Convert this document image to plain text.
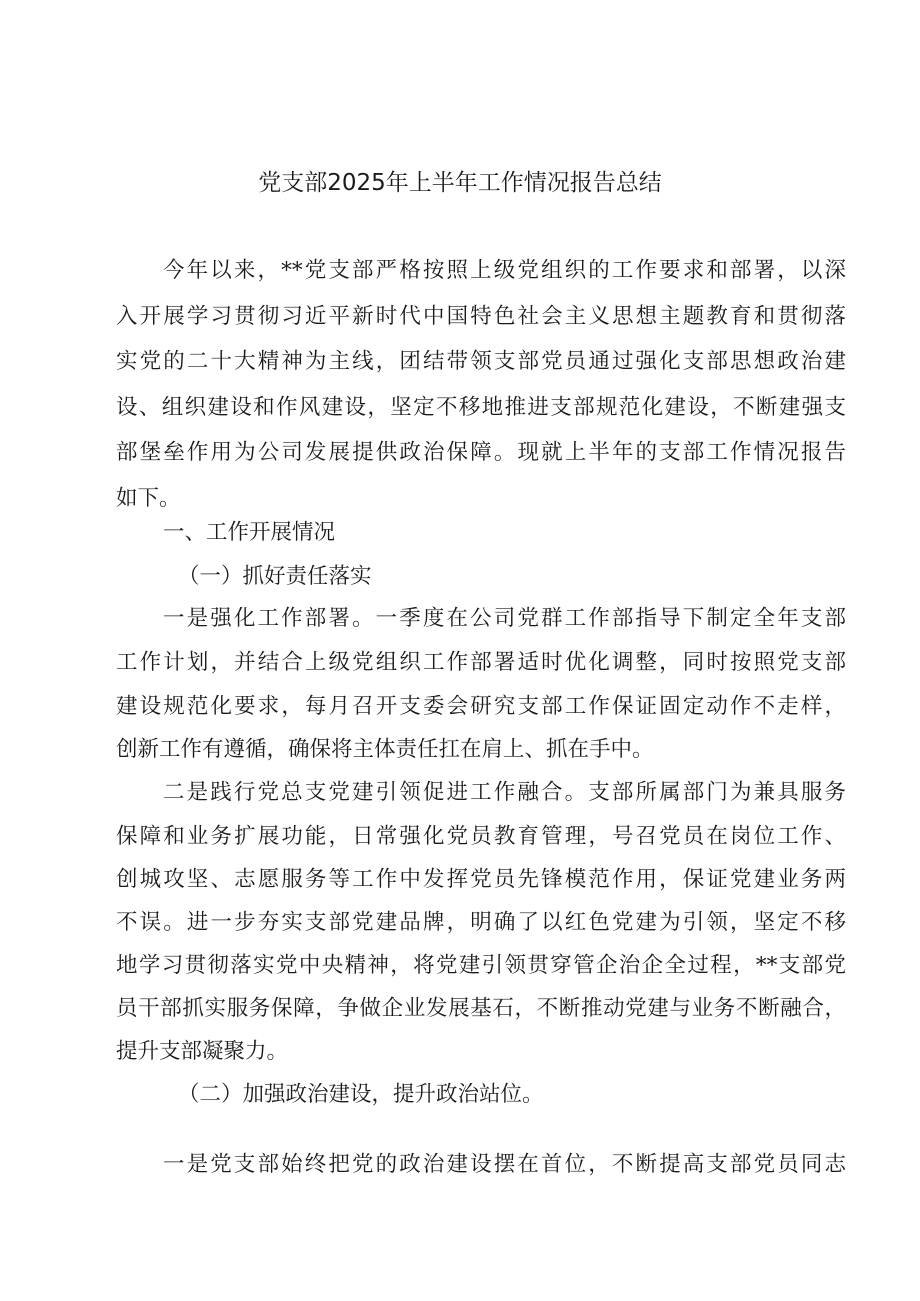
党支部2025年上半年工作情况报告总结
今年以来，**党支部严格按照上级党组织的工作要求和部署，以深
入开展学习贯彻习近平新时代中国特色社会主义思想主题教育和贯彻落
实党的二十大精神为主线，团结带领支部党员通过强化支部思想政治建
设、组织建设和作风建设，坚定不移地推进支部规范化建设，不断建强支
部堡垒作用为公司发展提供政治保障。现就上半年的支部工作情况报告
如下。
一、工作开展情况
（一）抓好责任落实
一是强化工作部署。一季度在公司党群工作部指导下制定全年支部
工作计划，并结合上级党组织工作部署适时优化调整，同时按照党支部
建设规范化要求，每月召开支委会研究支部工作保证固定动作不走样，
创新工作有遵循，确保将主体责任扛在肩上、抓在手中。
二是践行党总支党建引领促进工作融合。支部所属部门为兼具服务
保障和业务扩展功能，日常强化党员教育管理，号召党员在岗位工作、
创城攻坚、志愿服务等工作中发挥党员先锋模范作用，保证党建业务两
不误。进一步夯实支部党建品牌，明确了以红色党建为引领，坚定不移
地学习贯彻落实党中央精神，将党建引领贯穿管企治企全过程，**支部党
员干部抓实服务保障，争做企业发展基石，不断推动党建与业务不断融合，
提升支部凝聚力。
（二）加强政治建设，提升政治站位。
一是党支部始终把党的政治建设摆在首位，不断提高支部党员同志
